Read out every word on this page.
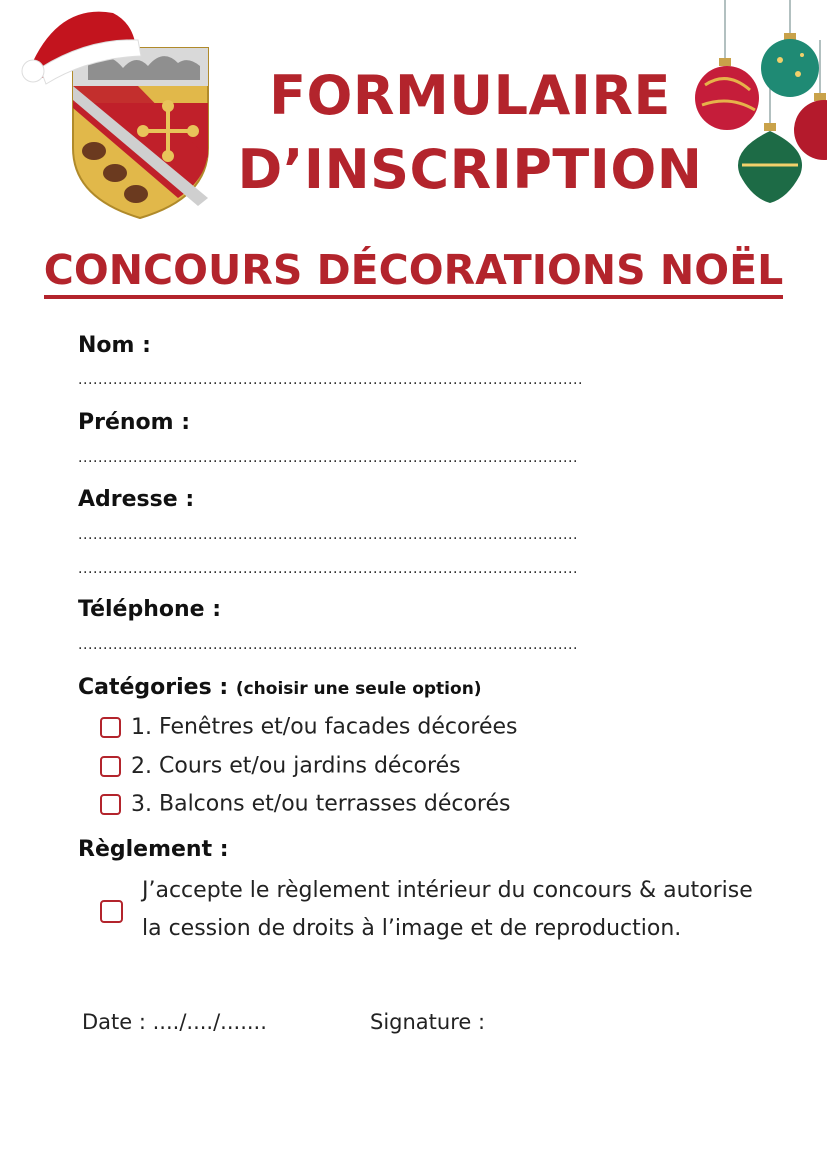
FORMULAIRE
D’INSCRIPTION
CONCOURS DÉCORATIONS NOËL
Nom :
.....................................................................................................
Prénom :
....................................................................................................
Adresse :
....................................................................................................
....................................................................................................
Téléphone :
....................................................................................................
Catégories : (choisir une seule option)
1. Fenêtres et/ou facades décorées
2. Cours et/ou jardins décorés
3. Balcons et/ou terrasses décorés
Règlement :
J’accepte le règlement intérieur du concours & autorise
la cession de droits à l’image et de reproduction.
Date : ..../..../.......	Signature :
